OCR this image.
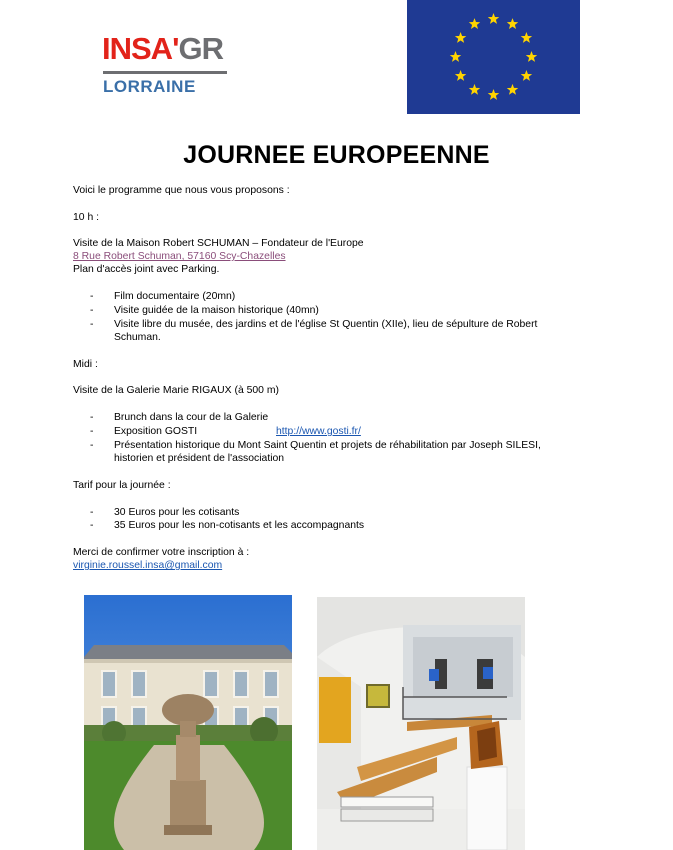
INSA'GR
LORRAINE
JOURNEE EUROPEENNE
Voici le programme que nous vous proposons :
10 h :
Visite de la Maison Robert SCHUMAN – Fondateur de l'Europe
8 Rue Robert Schuman, 57160 Scy-Chazelles
Plan d'accès joint avec Parking.
- Film documentaire (20mn)
- Visite guidée de la maison historique (40mn)
- Visite libre du musée, des jardins et de l'église St Quentin (XIIe), lieu de sépulture de Robert
Schuman.
Midi :
Visite de la Galerie Marie RIGAUX (à 500 m)
- Brunch dans la cour de la Galerie
- Exposition GOSTI	http://www.gosti.fr/
- Présentation historique du Mont Saint Quentin et projets de réhabilitation par Joseph SILESI,
historien et président de l'association
Tarif pour la journée :
- 30 Euros pour les cotisants
- 35 Euros pour les non-cotisants et les accompagnants
Merci de confirmer votre inscription à :
virginie.roussel.insa@gmail.com
